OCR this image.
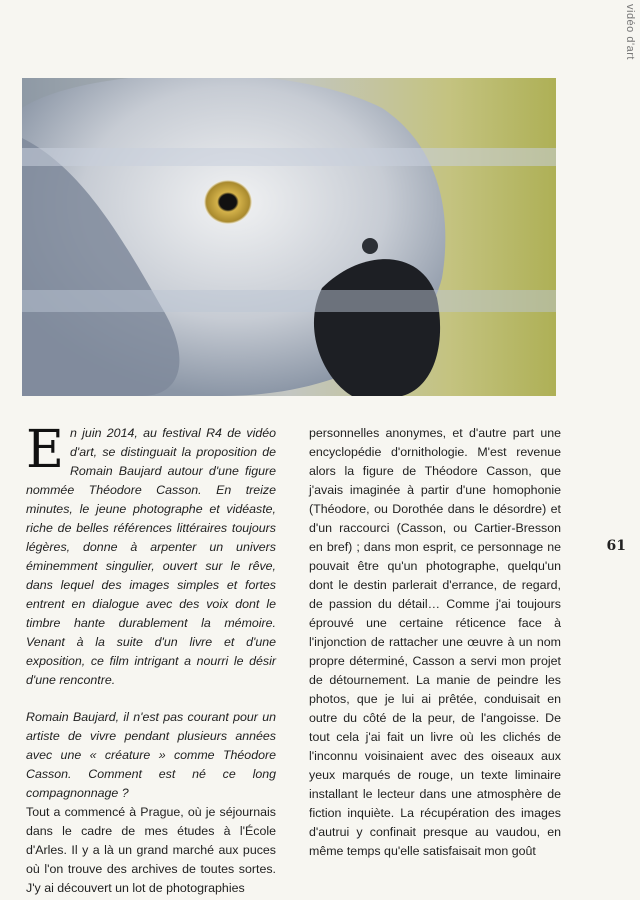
vidéo d'art

En juin 2014, au festival R4 de vidéo d'art, se distinguait la proposition de Romain Baujard autour d'une figure nommée Théodore Casson. En treize minutes, le jeune photographe et vidéaste, riche de belles références littéraires toujours légères, donne à arpenter un univers éminemment singulier, ouvert sur le rêve, dans lequel des images simples et fortes entrent en dialogue avec des voix dont le timbre hante durablement la mémoire. Venant à la suite d'un livre et d'une exposition, ce film intrigant a nourri le désir d'une rencontre.

Romain Baujard, il n'est pas courant pour un artiste de vivre pendant plusieurs années avec une « créature » comme Théodore Casson. Comment est né ce long compagnonnage ?

Tout a commencé à Prague, où je séjournais dans le cadre de mes études à l'École d'Arles. Il y a là un grand marché aux puces où l'on trouve des archives de toutes sortes. J'y ai découvert un lot de photographies

personnelles anonymes, et d'autre part une encyclopédie d'ornithologie. M'est revenue alors la figure de Théodore Casson, que j'avais imaginée à partir d'une homophonie (Théodore, ou Dorothée dans le désordre) et d'un raccourci (Casson, ou Cartier-Bresson en bref) ; dans mon esprit, ce personnage ne pouvait être qu'un photographe, quelqu'un dont le destin parlerait d'errance, de regard, de passion du détail… Comme j'ai toujours éprouvé une certaine réticence face à l'injonction de rattacher une œuvre à un nom propre déterminé, Casson a servi mon projet de détournement. La manie de peindre les photos, que je lui ai prêtée, conduisait en outre du côté de la peur, de l'angoisse. De tout cela j'ai fait un livre où les clichés de l'inconnu voisinaient avec des oiseaux aux yeux marqués de rouge, un texte liminaire installant le lecteur dans une atmosphère de fiction inquiète. La récupération des images d'autrui y confinait presque au vaudou, en même temps qu'elle satisfaisait mon goût

61
